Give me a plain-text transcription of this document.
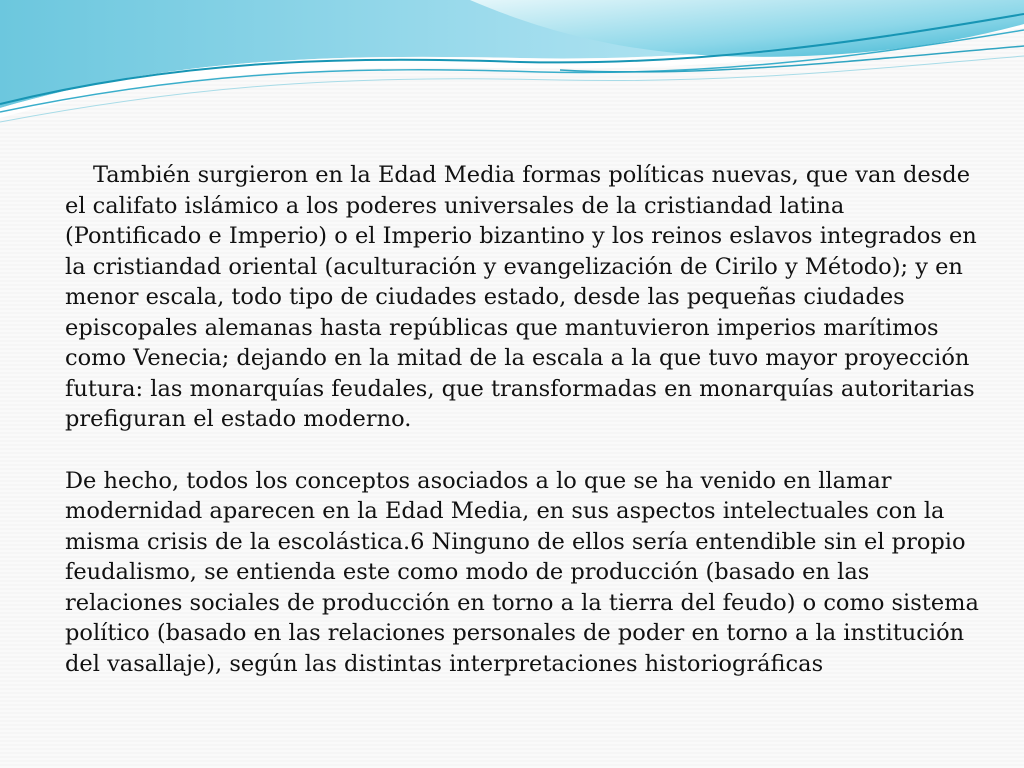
También surgieron en la Edad Media formas políticas nuevas, que van desde el califato islámico a los poderes universales de la cristiandad latina (Pontificado e Imperio) o el Imperio bizantino y los reinos eslavos integrados en la cristiandad oriental (aculturación y evangelización de Cirilo y Método); y en menor escala, todo tipo de ciudades estado, desde las pequeñas ciudades episcopales alemanas hasta repúblicas que mantuvieron imperios marítimos como Venecia; dejando en la mitad de la escala a la que tuvo mayor proyección futura: las monarquías feudales, que transformadas en monarquías autoritarias prefiguran el estado moderno.

De hecho, todos los conceptos asociados a lo que se ha venido en llamar modernidad aparecen en la Edad Media, en sus aspectos intelectuales con la misma crisis de la escolástica.6 Ninguno de ellos sería entendible sin el propio feudalismo, se entienda este como modo de producción (basado en las relaciones sociales de producción en torno a la tierra del feudo) o como sistema político (basado en las relaciones personales de poder en torno a la institución del vasallaje), según las distintas interpretaciones historiográficas
